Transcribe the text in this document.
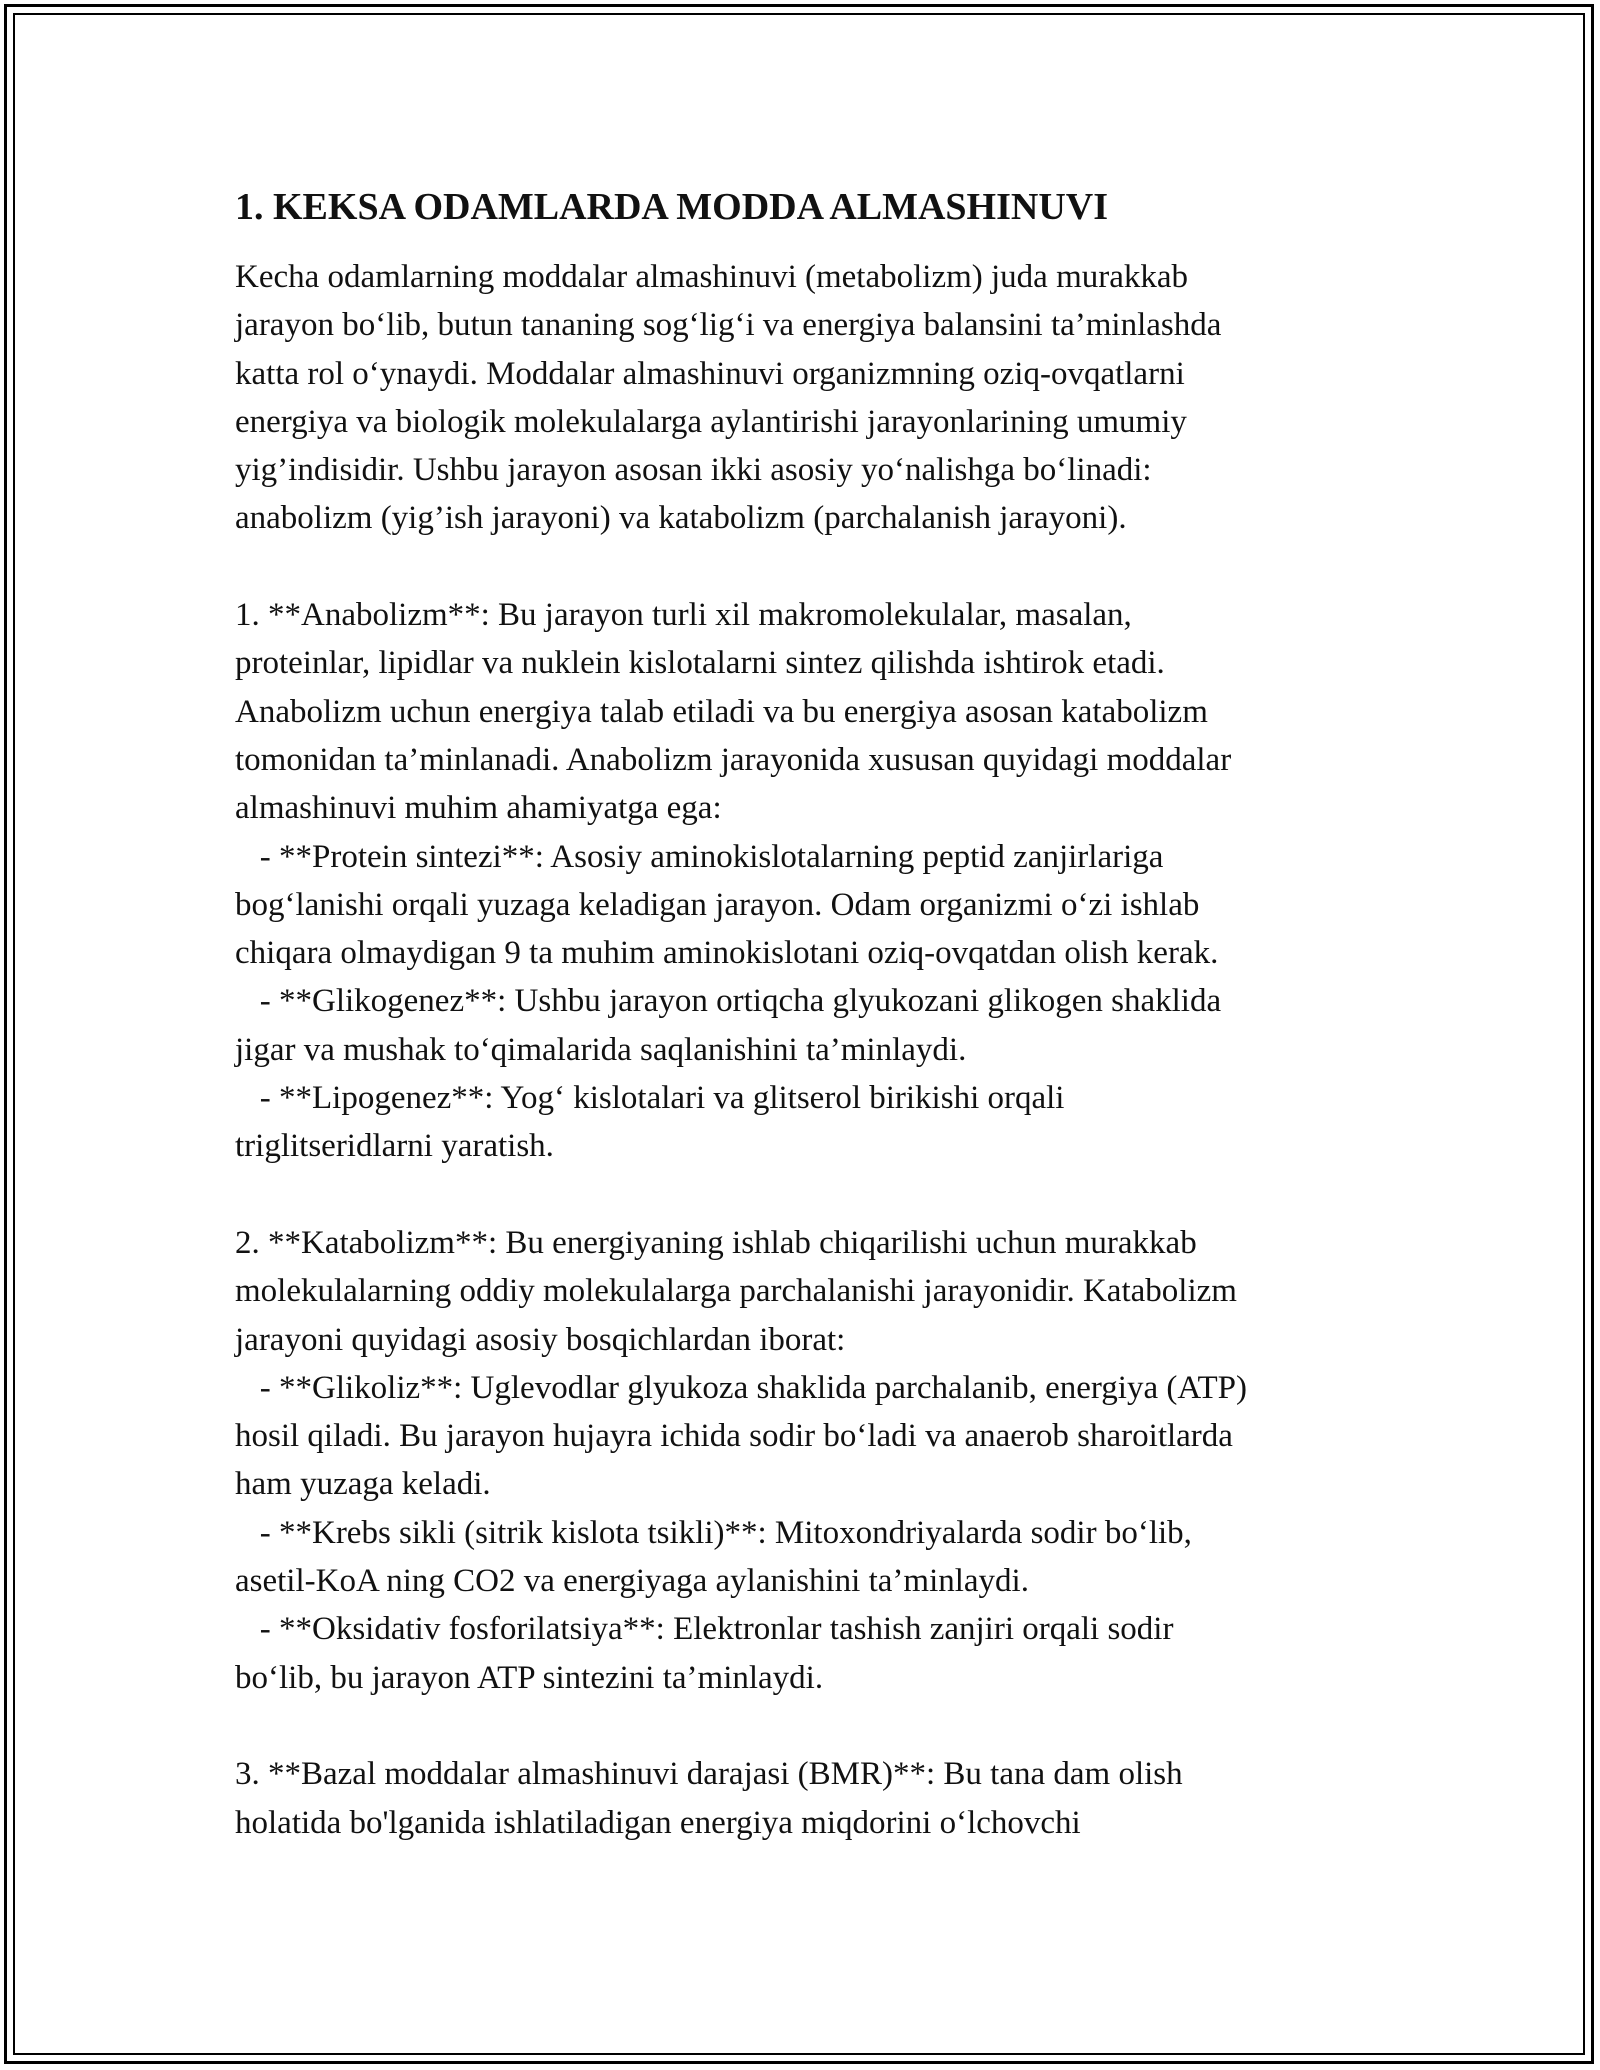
1. KEKSA ODAMLARDA MODDA ALMASHINUVI
Kecha odamlarning moddalar almashinuvi (metabolizm) juda murakkab
jarayon bo‘lib, butun tananing sog‘lig‘i va energiya balansini ta’minlashda
katta rol o‘ynaydi. Moddalar almashinuvi organizmning oziq-ovqatlarni
energiya va biologik molekulalarga aylantirishi jarayonlarining umumiy
yig’indisidir. Ushbu jarayon asosan ikki asosiy yo‘nalishga bo‘linadi:
anabolizm (yig’ish jarayoni) va katabolizm (parchalanish jarayoni).
1. **Anabolizm**: Bu jarayon turli xil makromolekulalar, masalan,
proteinlar, lipidlar va nuklein kislotalarni sintez qilishda ishtirok etadi.
Anabolizm uchun energiya talab etiladi va bu energiya asosan katabolizm
tomonidan ta’minlanadi. Anabolizm jarayonida xususan quyidagi moddalar
almashinuvi muhim ahamiyatga ega:
- **Protein sintezi**: Asosiy aminokislotalarning peptid zanjirlariga
bog‘lanishi orqali yuzaga keladigan jarayon. Odam organizmi o‘zi ishlab
chiqara olmaydigan 9 ta muhim aminokislotani oziq-ovqatdan olish kerak.
- **Glikogenez**: Ushbu jarayon ortiqcha glyukozani glikogen shaklida
jigar va mushak to‘qimalarida saqlanishini ta’minlaydi.
- **Lipogenez**: Yog‘ kislotalari va glitserol birikishi orqali
triglitseridlarni yaratish.
2. **Katabolizm**: Bu energiyaning ishlab chiqarilishi uchun murakkab
molekulalarning oddiy molekulalarga parchalanishi jarayonidir. Katabolizm
jarayoni quyidagi asosiy bosqichlardan iborat:
- **Glikoliz**: Uglevodlar glyukoza shaklida parchalanib, energiya (ATP)
hosil qiladi. Bu jarayon hujayra ichida sodir bo‘ladi va anaerob sharoitlarda
ham yuzaga keladi.
- **Krebs sikli (sitrik kislota tsikli)**: Mitoxondriyalarda sodir bo‘lib,
asetil-KoA ning CO2 va energiyaga aylanishini ta’minlaydi.
- **Oksidativ fosforilatsiya**: Elektronlar tashish zanjiri orqali sodir
bo‘lib, bu jarayon ATP sintezini ta’minlaydi.
3. **Bazal moddalar almashinuvi darajasi (BMR)**: Bu tana dam olish
holatida bo'lganida ishlatiladigan energiya miqdorini o‘lchovchi
